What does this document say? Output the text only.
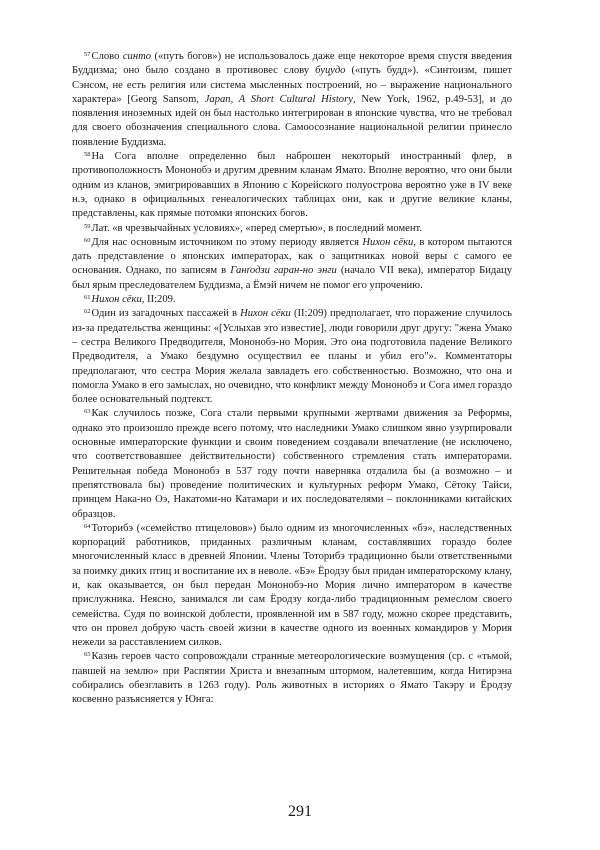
$^{57}$Слово синто («путь богов») не использовалось даже еще некоторое время спустя введения Буддизма; оно было создано в противовес слову буцудо («путь будд»). «Синтоизм, пишет Сэнсом, не есть религия или система мысленных построений, но – выражение национального характера» [Georg Sansom, Japan, A Short Cultural History, New York, 1962, p.49-53], и до появления иноземных идей он был настолько интегрирован в японские чувства, что не требовал для своего обозначения специального слова. Самоосознание национальной религии принесло появление Буддизма.

$^{58}$На Сога вполне определенно был наброшен некоторый иностранный флер, в противоположность Мононобэ и другим древним кланам Ямато. Вполне вероятно, что они были одним из кланов, эмигрировавших в Японию с Корейского полуострова вероятно уже в IV веке н.э, однако в официальных генеалогических таблицах они, как и другие великие кланы, представлены, как прямые потомки японских богов.

$^{59}$Лат. «в чрезвычайных условиях», «перед смертью», в последний момент.

$^{60}$Для нас основным источником по этому периоду является Нихон сёки, в котором пытаются дать представление о японских императорах, как о защитниках новой веры с самого ее основания. Однако, по записям в Ганґодзи гаран-но энги (начало VII века), император Бидацу был ярым преследователем Буддизма, а Ёмэй ничем не помог его упрочению.

$^{61}$Нихон сёки, II:209.

$^{62}$Один из загадочных пассажей в Нихон сёки (II:209) предполагает, что поражение случилось из-за предательства женщины: «[Услыхав это известие], люди говорили друг другу: "жена Умако – сестра Великого Предводителя, Мононобэ-но Мория. Это она подготовила падение Великого Предводителя, а Умако бездумно осуществил ее планы и убил его"». Комментаторы предполагают, что сестра Мория желала завладеть его собственностью. Возможно, что она и помогла Умако в его замыслах, но очевидно, что конфликт между Мононобэ и Сога имел гораздо более основательный подтекст.

$^{63}$Как случилось позже, Сога стали первыми крупными жертвами движения за Реформы, однако это произошло прежде всего потому, что наследники Умако слишком явно узурпировали основные императорские функции и своим поведением создавали впечатление (не исключено, что соответствовавшее действительности) собственного стремления стать императорами. Решительная победа Мононобэ в 537 году почти наверняка отдалила бы (а возможно – и препятствовала бы) проведение политических и культурных реформ Умако, Сётоку Тайси, принцем Нака-но Оэ, Накатоми-но Катамари и их последователями – поклонниками китайских образцов.

$^{64}$Тоторибэ («семейство птицеловов») было одним из многочисленных «бэ», наследственных корпораций работников, приданных различным кланам, составлявших гораздо более многочисленный класс в древней Японии. Члены Тоторибэ традиционно были ответственными за поимку диких птиц и воспитание их в неволе. «Бэ» Ёродзу был придан императорскому клану, и, как оказывается, он был передан Мононобэ-но Мория лично императором в качестве прислужника. Неясно, занимался ли сам Ёродзу когда-либо традиционным ремеслом своего семейства. Судя по воинской доблести, проявленной им в 587 году, можно скорее представить, что он провел добрую часть своей жизни в качестве одного из военных командиров у Мория нежели за расставлением силков.

$^{65}$Казнь героев часто сопровождали странные метеорологические возмущения (ср. с «тьмой, павшей на землю» при Распятии Христа и внезапным штормом, налетевшим, когда Нитирэна собирались обезглавить в 1263 году). Роль животных в историях о Ямато Такэру и Ёродзу косвенно разъясняется у Юнга:

291
